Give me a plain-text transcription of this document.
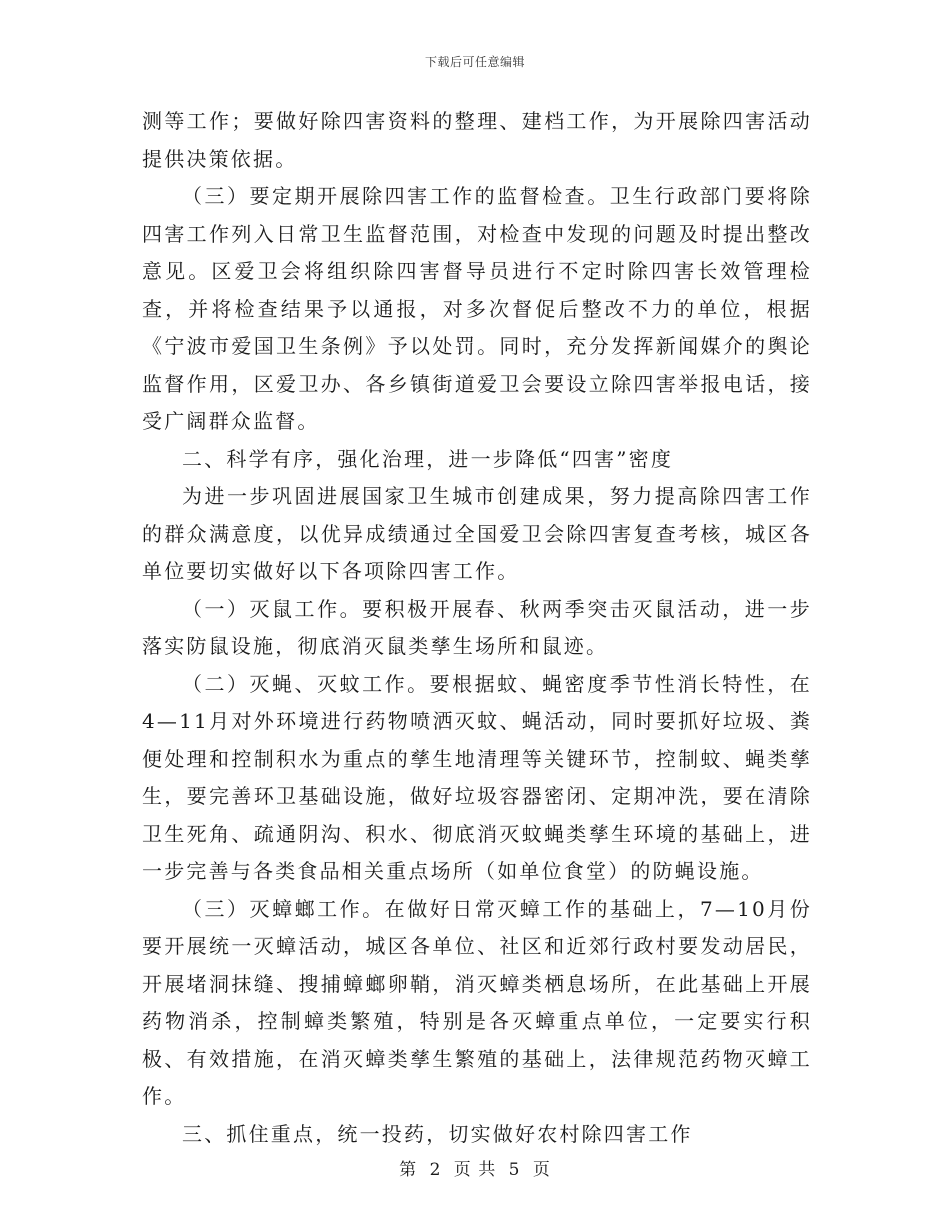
下载后可任意编辑

测等工作；要做好除四害资料的整理、建档工作，为开展除四害活动提供决策依据。

（三）要定期开展除四害工作的监督检查。卫生行政部门要将除四害工作列入日常卫生监督范围，对检查中发现的问题及时提出整改意见。区爱卫会将组织除四害督导员进行不定时除四害长效管理检查，并将检查结果予以通报，对多次督促后整改不力的单位，根据《宁波市爱国卫生条例》予以处罚。同时，充分发挥新闻媒介的舆论监督作用，区爱卫办、各乡镇街道爱卫会要设立除四害举报电话，接受广阔群众监督。

二、科学有序，强化治理，进一步降低“四害”密度

为进一步巩固进展国家卫生城市创建成果，努力提高除四害工作的群众满意度，以优异成绩通过全国爱卫会除四害复查考核，城区各单位要切实做好以下各项除四害工作。

（一）灭鼠工作。要积极开展春、秋两季突击灭鼠活动，进一步落实防鼠设施，彻底消灭鼠类孳生场所和鼠迹。

（二）灭蝇、灭蚊工作。要根据蚊、蝇密度季节性消长特性，在4—11月对外环境进行药物喷洒灭蚊、蝇活动，同时要抓好垃圾、粪便处理和控制积水为重点的孳生地清理等关键环节，控制蚊、蝇类孳生，要完善环卫基础设施，做好垃圾容器密闭、定期冲洗，要在清除卫生死角、疏通阴沟、积水、彻底消灭蚊蝇类孳生环境的基础上，进一步完善与各类食品相关重点场所（如单位食堂）的防蝇设施。

（三）灭蟑螂工作。在做好日常灭蟑工作的基础上，7—10月份要开展统一灭蟑活动，城区各单位、社区和近郊行政村要发动居民，开展堵洞抹缝、搜捕蟑螂卵鞘，消灭蟑类栖息场所，在此基础上开展药物消杀，控制蟑类繁殖，特别是各灭蟑重点单位，一定要实行积极、有效措施，在消灭蟑类孳生繁殖的基础上，法律规范药物灭蟑工作。

三、抓住重点，统一投药，切实做好农村除四害工作

第 2 页 共 5 页
